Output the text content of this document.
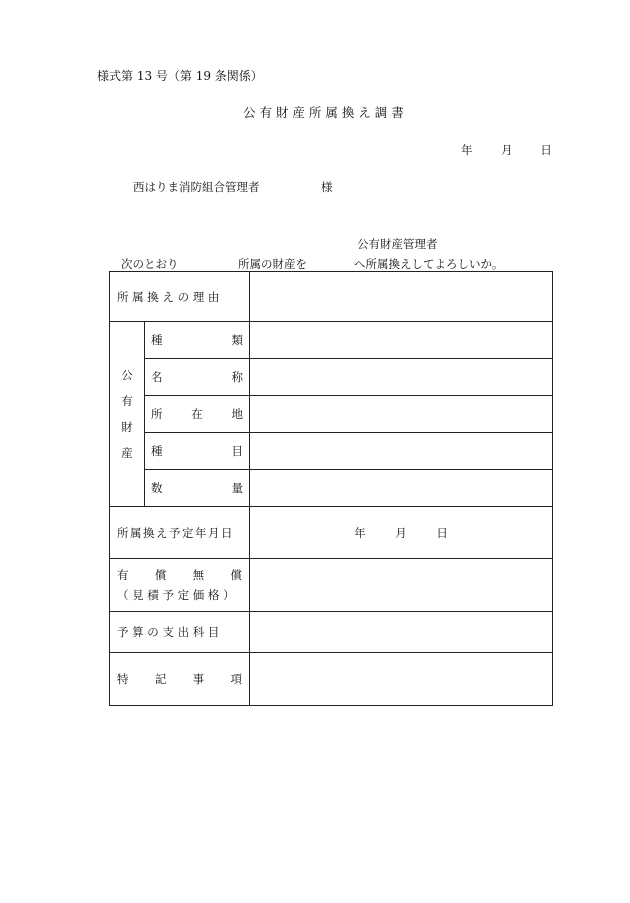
様式第 13 号（第 19 条関係）
公 有 財 産 所 属 換 え 調 書
年 月 日
西はりま消防組合管理者	様
公有財産管理者
次のとおり	所属の財産を	へ所属換えしてよろしいか。
所 属 換 え の 理 由		

公
有
財
産	種 類	

	名 称	

	所 在 地	

	種 目	

	数 量	

所属換え予定年月日		年 月 日

有 償 無 償
（ 見 積 予 定 価 格 ）		

予 算 の 支 出 科 目		

特 記 事 項		
